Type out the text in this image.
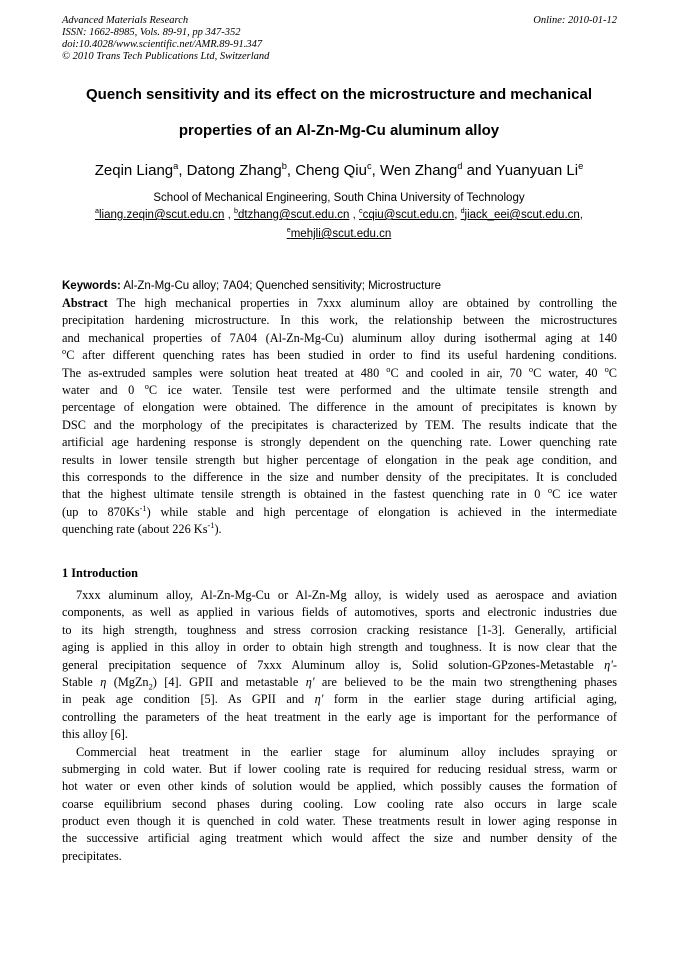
Advanced Materials Research
ISSN: 1662-8985, Vols. 89-91, pp 347-352
doi:10.4028/www.scientific.net/AMR.89-91.347
© 2010 Trans Tech Publications Ltd, Switzerland
Online: 2010-01-12
Quench sensitivity and its effect on the microstructure and mechanical
properties of an Al-Zn-Mg-Cu aluminum alloy
Zeqin Liang$^a$, Datong Zhang$^b$, Cheng Qiu$^c$, Wen Zhang$^d$ and Yuanyuan Li$^e$
School of Mechanical Engineering, South China University of Technology
$^a$liang.zeqin@scut.edu.cn , $^b$dtzhang@scut.edu.cn , $^c$cqiu@scut.edu.cn, $^d$jiack_eei@scut.edu.cn,
$^e$mehjli@scut.edu.cn
Keywords: Al-Zn-Mg-Cu alloy; 7A04; Quenched sensitivity; Microstructure
Abstract The high mechanical properties in 7xxx aluminum alloy are obtained by controlling the
precipitation hardening microstructure. In this work, the relationship between the microstructures
and mechanical properties of 7A04 (Al-Zn-Mg-Cu) aluminum alloy during isothermal aging at 140
$^o$C after different quenching rates has been studied in order to find its useful hardening conditions.
The as-extruded samples were solution heat treated at 480 $^o$C and cooled in air, 70 $^o$C water, 40 $^o$C
water and 0 $^o$C ice water. Tensile test were performed and the ultimate tensile strength and
percentage of elongation were obtained. The difference in the amount of precipitates is known by
DSC and the morphology of the precipitates is characterized by TEM. The results indicate that the
artificial age hardening response is strongly dependent on the quenching rate. Lower quenching rate
results in lower tensile strength but higher percentage of elongation in the peak age condition, and
this corresponds to the difference in the size and number density of the precipitates. It is concluded
that the highest ultimate tensile strength is obtained in the fastest quenching rate in 0 $^o$C ice water
(up to $870Ks^{-1}$) while stable and high percentage of elongation is achieved in the intermediate
quenching rate (about 226 $Ks^{-1}$).
1 Introduction
7xxx aluminum alloy, Al-Zn-Mg-Cu or Al-Zn-Mg alloy, is widely used as aerospace and aviation
components, as well as applied in various fields of automotives, sports and electronic industries due
to its high strength, toughness and stress corrosion cracking resistance [1-3]. Generally, artificial
aging is applied in this alloy in order to obtain high strength and toughness. It is now clear that the
general precipitation sequence of 7xxx Aluminum alloy is, Solid solution-GPzones-Metastable η'-
Stable η (MgZn$_2$) [4]. GPII and metastable η' are believed to be the main two strengthening phases
in peak age condition [5]. As GPII and η' form in the earlier stage during artificial aging,
controlling the parameters of the heat treatment in the early age is important for the performance of
this alloy [6].
Commercial heat treatment in the earlier stage for aluminum alloy includes spraying or
submerging in cold water. But if lower cooling rate is required for reducing residual stress, warm or
hot water or even other kinds of solution would be applied, which possibly causes the formation of
coarse equilibrium second phases during cooling. Low cooling rate also occurs in large scale
product even though it is quenched in cold water. These treatments result in lower aging response in
the successive artificial aging treatment which would affect the size and number density of the
precipitates.
